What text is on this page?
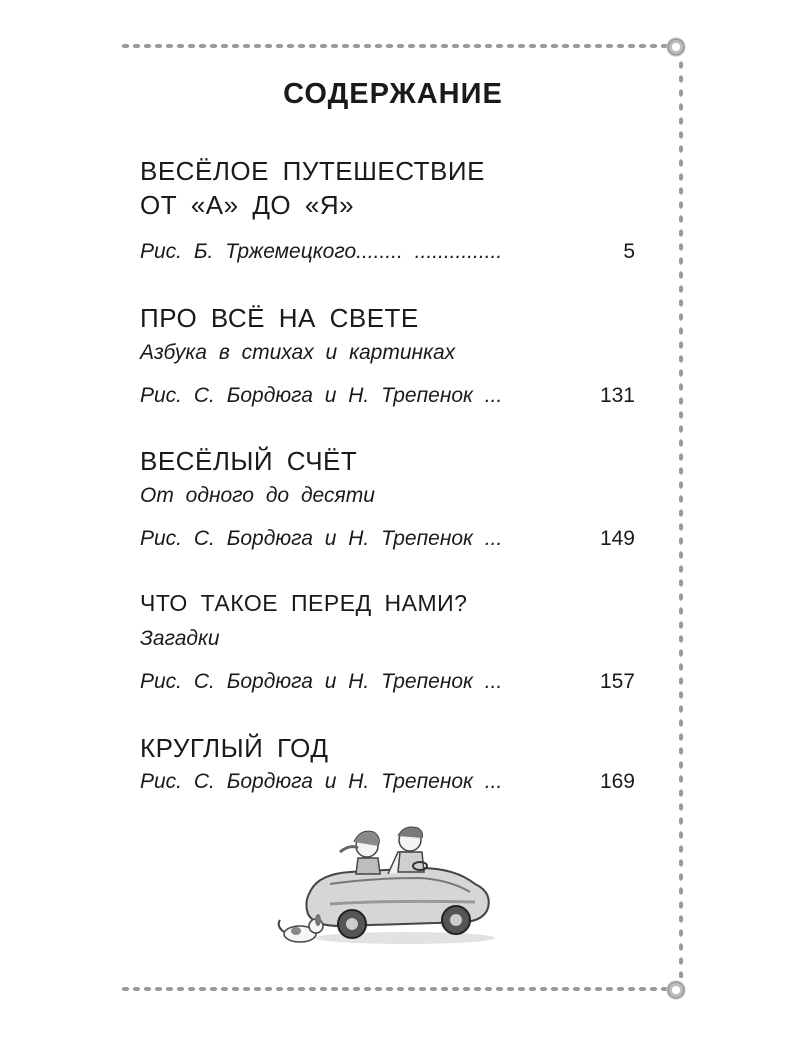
СОДЕРЖАНИЕ
ВЕСЁЛОЕ ПУТЕШЕСТВИЕ
ОТ «А» ДО «Я»
Рис. Б. Тржемецкого........ ...............	5
ПРО ВСЁ НА СВЕТЕ
Азбука в стихах и картинках
Рис. С. Бордюга и Н. Трепенок ...	131
ВЕСЁЛЫЙ СЧЁТ
От одного до десяти
Рис. С. Бордюга и Н. Трепенок ...	149
ЧТО ТАКОЕ ПЕРЕД НАМИ?
Загадки
Рис. С. Бордюга и Н. Трепенок ...	157
КРУГЛЫЙ ГОД
Рис. С. Бордюга и Н. Трепенок ...	169
